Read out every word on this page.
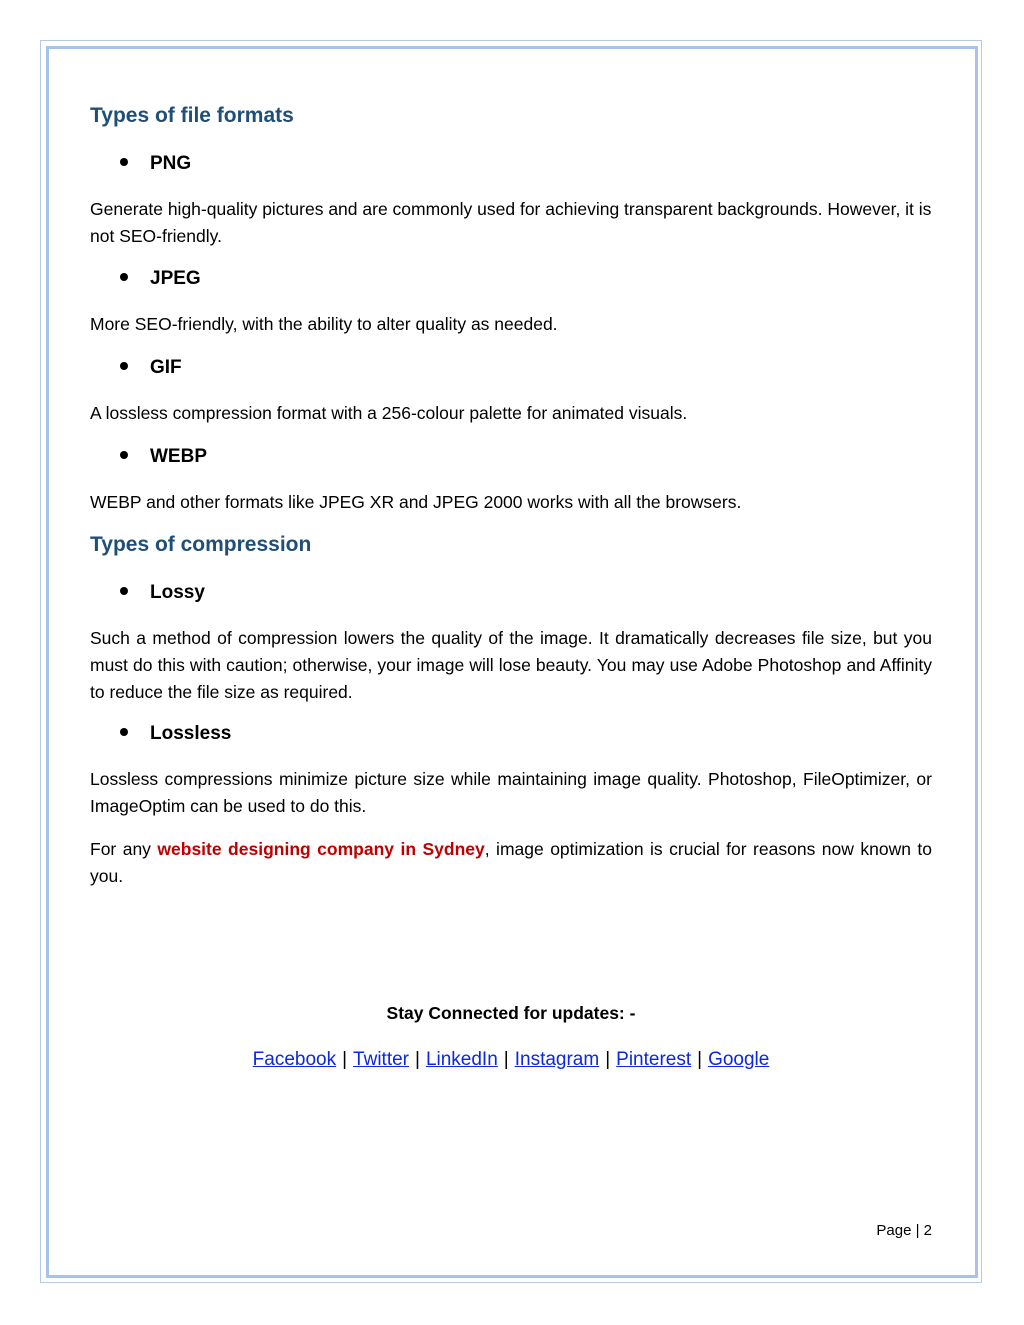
Types of file formats
PNG

Generate high-quality pictures and are commonly used for achieving transparent backgrounds. However, it is not SEO-friendly.

JPEG

More SEO-friendly, with the ability to alter quality as needed.

GIF

A lossless compression format with a 256-colour palette for animated visuals.

WEBP

WEBP and other formats like JPEG XR and JPEG 2000 works with all the browsers.

Types of compression
Lossy

Such a method of compression lowers the quality of the image. It dramatically decreases file size, but you must do this with caution; otherwise, your image will lose beauty. You may use Adobe Photoshop and Affinity to reduce the file size as required.

Lossless

Lossless compressions minimize picture size while maintaining image quality. Photoshop, FileOptimizer, or ImageOptim can be used to do this.

For any website designing company in Sydney, image optimization is crucial for reasons now known to you.

Stay Connected for updates: -
Facebook | Twitter | LinkedIn | Instagram | Pinterest | Google
Page | 2
